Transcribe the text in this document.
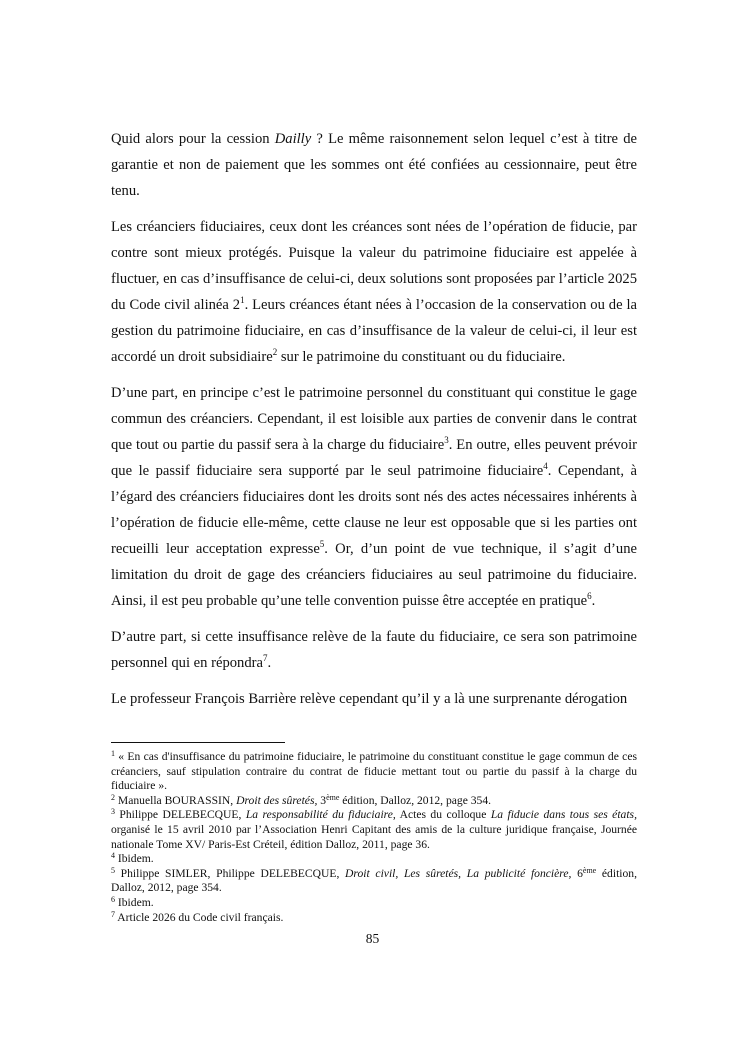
Quid alors pour la cession Dailly ? Le même raisonnement selon lequel c’est à titre de garantie et non de paiement que les sommes ont été confiées au cessionnaire, peut être tenu.

Les créanciers fiduciaires, ceux dont les créances sont nées de l’opération de fiducie, par contre sont mieux protégés. Puisque la valeur du patrimoine fiduciaire est appelée à fluctuer, en cas d’insuffisance de celui-ci, deux solutions sont proposées par l’article 2025 du Code civil alinéa $2^1$. Leurs créances étant nées à l’occasion de la conservation ou de la gestion du patrimoine fiduciaire, en cas d’insuffisance de la valeur de celui-ci, il leur est accordé un droit subsidiaire$^2$ sur le patrimoine du constituant ou du fiduciaire.

D’une part, en principe c’est le patrimoine personnel du constituant qui constitue le gage commun des créanciers. Cependant, il est loisible aux parties de convenir dans le contrat que tout ou partie du passif sera à la charge du fiduciaire$^3$. En outre, elles peuvent prévoir que le passif fiduciaire sera supporté par le seul patrimoine fiduciaire$^4$. Cependant, à l’égard des créanciers fiduciaires dont les droits sont nés des actes nécessaires inhérents à l’opération de fiducie elle-même, cette clause ne leur est opposable que si les parties ont recueilli leur acceptation expresse$^5$. Or, d’un point de vue technique, il s’agit d’une limitation du droit de gage des créanciers fiduciaires au seul patrimoine du fiduciaire. Ainsi, il est peu probable qu’une telle convention puisse être acceptée en pratique$^6$.

D’autre part, si cette insuffisance relève de la faute du fiduciaire, ce sera son patrimoine personnel qui en répondra$^7$.

Le professeur François Barrière relève cependant qu’il y a là une surprenante dérogation

$^1$ « En cas d'insuffisance du patrimoine fiduciaire, le patrimoine du constituant constitue le gage commun de ces créanciers, sauf stipulation contraire du contrat de fiducie mettant tout ou partie du passif à la charge du fiduciaire ».

$^2$ Manuella BOURASSIN, Droit des sûretés, 3ème édition, Dalloz, 2012, page 354.

$^3$ Philippe DELEBECQUE, La responsabilité du fiduciaire, Actes du colloque La fiducie dans tous ses états, organisé le 15 avril 2010 par l’Association Henri Capitant des amis de la culture juridique française, Journée nationale Tome XV/ Paris-Est Créteil, édition Dalloz, 2011, page 36.

$^4$ Ibidem.

$^5$ Philippe SIMLER, Philippe DELEBECQUE, Droit civil, Les sûretés, La publicité foncière, 6ème édition, Dalloz, 2012, page 354.

$^6$ Ibidem.

$^7$ Article 2026 du Code civil français.

85
